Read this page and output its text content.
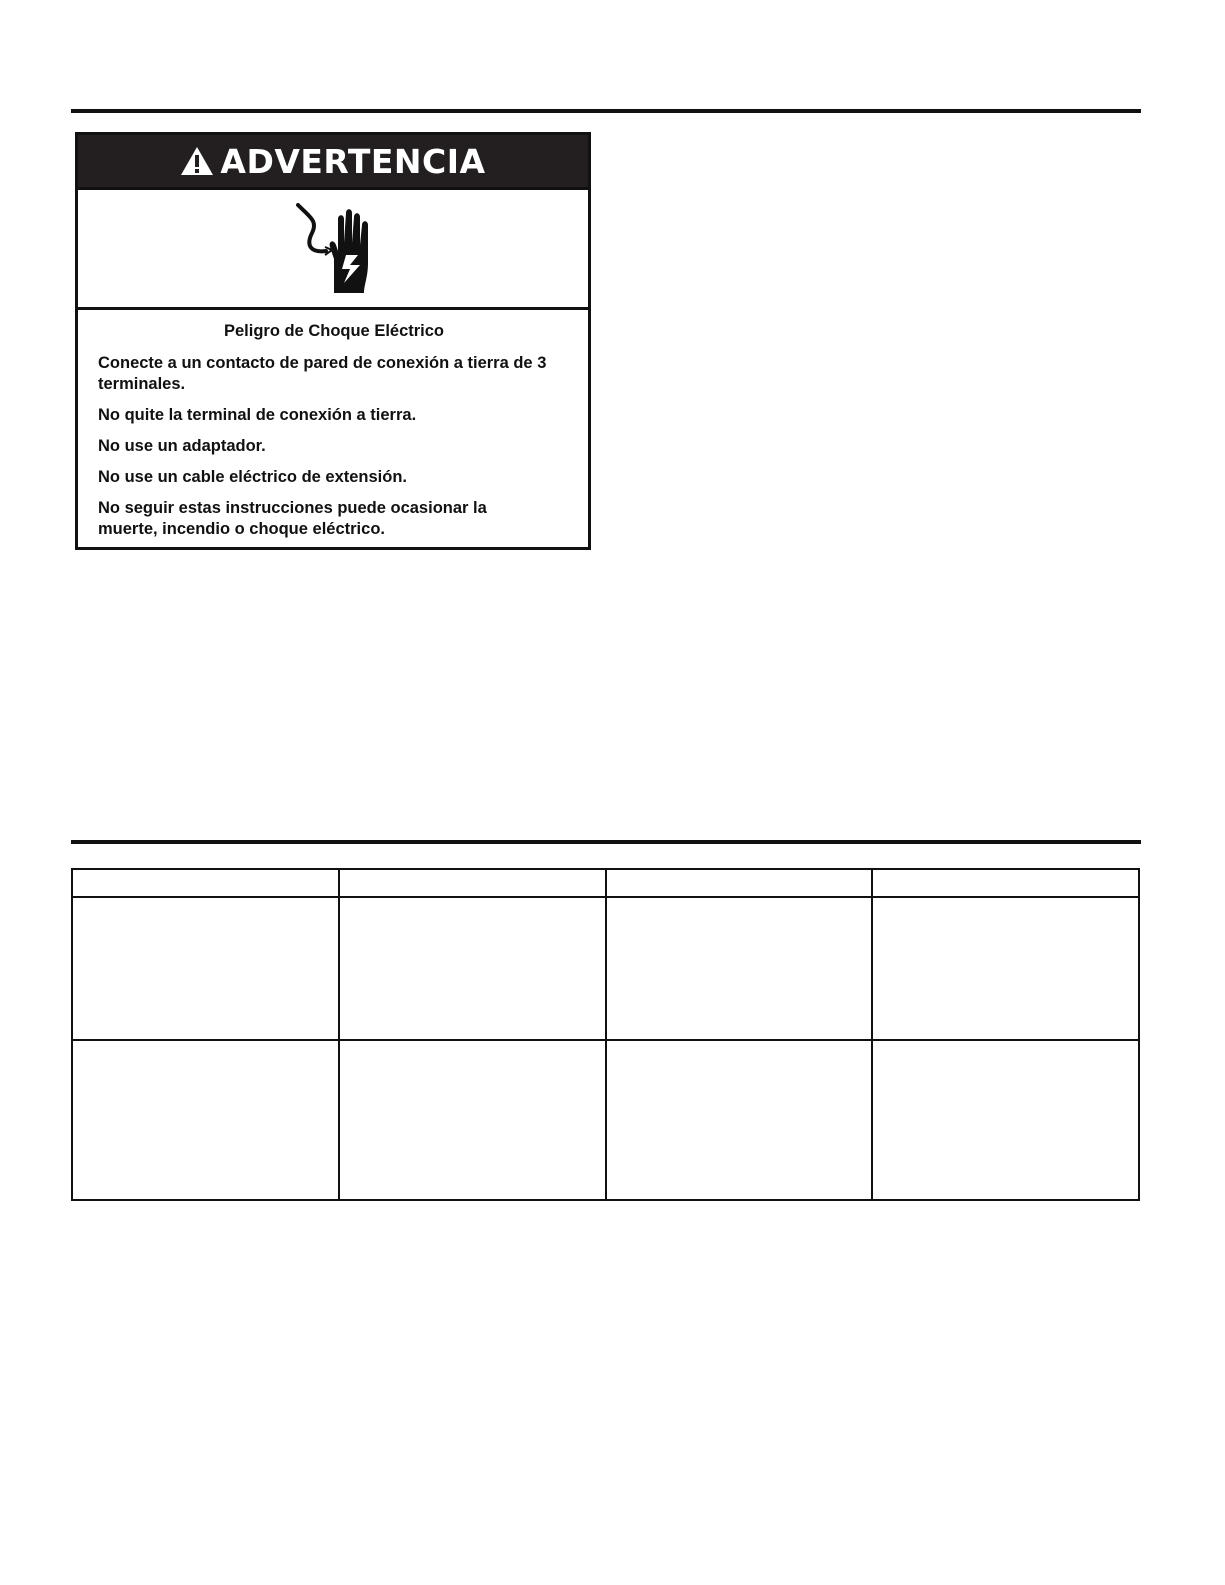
ADVERTENCIA
Peligro de Choque Eléctrico

Conecte a un contacto de pared de conexión a tierra de 3 terminales.

No quite la terminal de conexión a tierra.

No use un adaptador.

No use un cable eléctrico de extensión.

No seguir estas instrucciones puede ocasionar la muerte, incendio o choque eléctrico.
